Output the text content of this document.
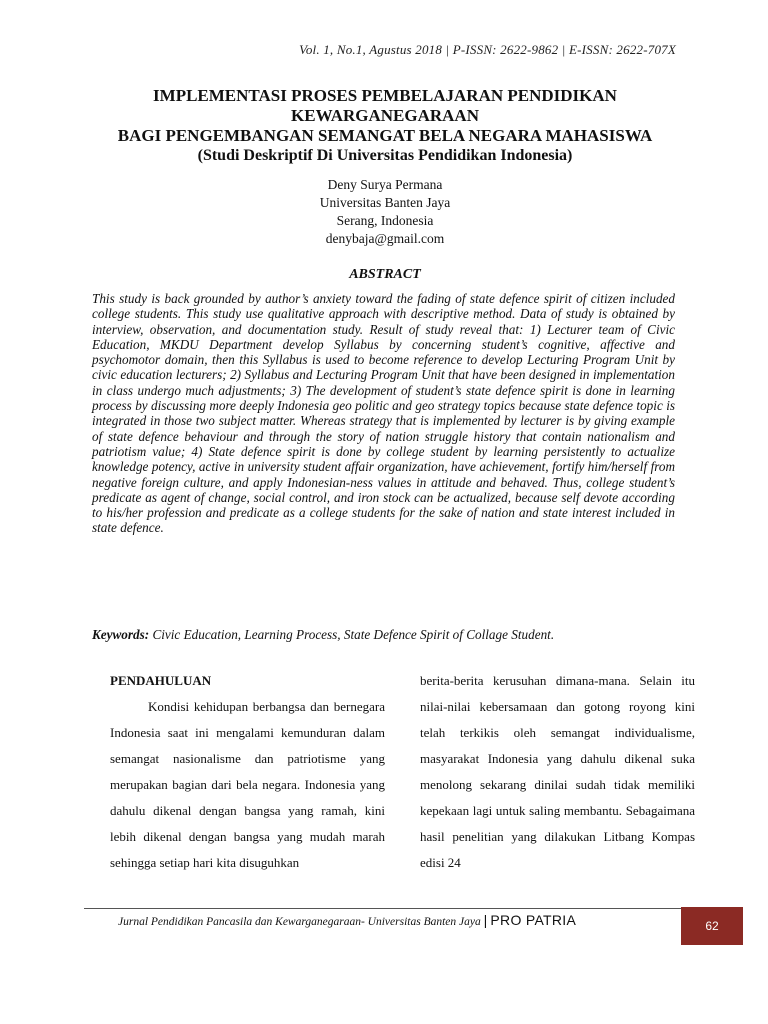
Vol. 1, No.1, Agustus 2018 | P-ISSN: 2622-9862 | E-ISSN: 2622-707X
IMPLEMENTASI PROSES PEMBELAJARAN PENDIDIKAN
KEWARGANEGARAAN
BAGI PENGEMBANGAN SEMANGAT BELA NEGARA MAHASISWA
(Studi Deskriptif Di Universitas Pendidikan Indonesia)
Deny Surya Permana
Universitas Banten Jaya
Serang, Indonesia
denybaja@gmail.com
ABSTRACT
This study is back grounded by author’s anxiety toward the fading of state defence spirit of citizen included college students. This study use qualitative approach with descriptive method. Data of study is obtained by interview, observation, and documentation study. Result of study reveal that: 1) Lecturer team of Civic Education, MKDU Department develop Syllabus by concerning student’s cognitive, affective and psychomotor domain, then this Syllabus is used to become reference to develop Lecturing Program Unit by civic education lecturers; 2) Syllabus and Lecturing Program Unit that have been designed in implementation in class undergo much adjustments; 3) The development of student’s state defence spirit is done in learning process by discussing more deeply Indonesia geo politic and geo strategy topics because state defence topic is integrated in those two subject matter. Whereas strategy that is implemented by lecturer is by giving example of state defence behaviour and through the story of nation struggle history that contain nationalism and patriotism value; 4) State defence spirit is done by college student by learning persistently to actualize knowledge potency, active in university student affair organization, have achievement, fortify him/herself from negative foreign culture, and apply Indonesian-ness values in attitude and behaved. Thus, college student’s predicate as agent of change, social control, and iron stock can be actualized, because self devote according to his/her profession and predicate as a college students for the sake of nation and state interest included in state defence.
Keywords: Civic Education, Learning Process, State Defence Spirit of Collage Student.
PENDAHULUAN
Kondisi kehidupan berbangsa dan bernegara Indonesia saat ini mengalami kemunduran dalam semangat nasionalisme dan patriotisme yang merupakan bagian dari bela negara. Indonesia yang dahulu dikenal dengan bangsa yang ramah, kini lebih dikenal dengan bangsa yang mudah marah sehingga setiap hari kita disuguhkan
berita-berita kerusuhan dimana-mana. Selain itu nilai-nilai kebersamaan dan gotong royong kini telah terkikis oleh semangat individualisme, masyarakat Indonesia yang dahulu dikenal suka menolong sekarang dinilai sudah tidak memiliki kepekaan lagi untuk saling membantu. Sebagaimana hasil penelitian yang dilakukan Litbang Kompas edisi 24
Jurnal Pendidikan Pancasila dan Kewarganegaraan- Universitas Banten Jaya | PRO PATRIA	62
